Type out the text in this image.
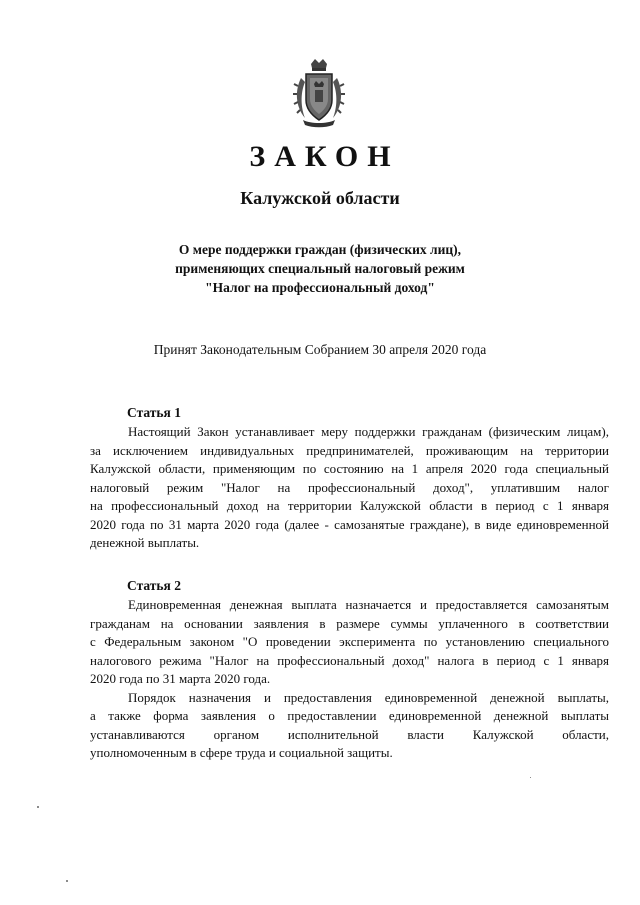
ЗАКОН
Калужской области
О мере поддержки граждан (физических лиц),
применяющих специальный налоговый режим
"Налог на профессиональный доход"
Принят Законодательным Собранием 30 апреля 2020 года
Статья 1
Настоящий Закон устанавливает меру поддержки гражданам (физическим лицам),
за исключением индивидуальных предпринимателей, проживающим на территории
Калужской области, применяющим по состоянию на 1 апреля 2020 года специальный
налоговый режим "Налог на профессиональный доход", уплатившим налог
на профессиональный доход на территории Калужской области в период с 1 января
2020 года по 31 марта 2020 года (далее - самозанятые граждане), в виде единовременной
денежной выплаты.
Статья 2
Единовременная денежная выплата назначается и предоставляется самозанятым
гражданам на основании заявления в размере суммы уплаченного в соответствии
с Федеральным законом "О проведении эксперимента по установлению специального
налогового режима "Налог на профессиональный доход" налога в период с 1 января
2020 года по 31 марта 2020 года.
Порядок назначения и предоставления единовременной денежной выплаты,
а также форма заявления о предоставлении единовременной денежной выплаты
устанавливаются органом исполнительной власти Калужской области,
уполномоченным в сфере труда и социальной защиты.
